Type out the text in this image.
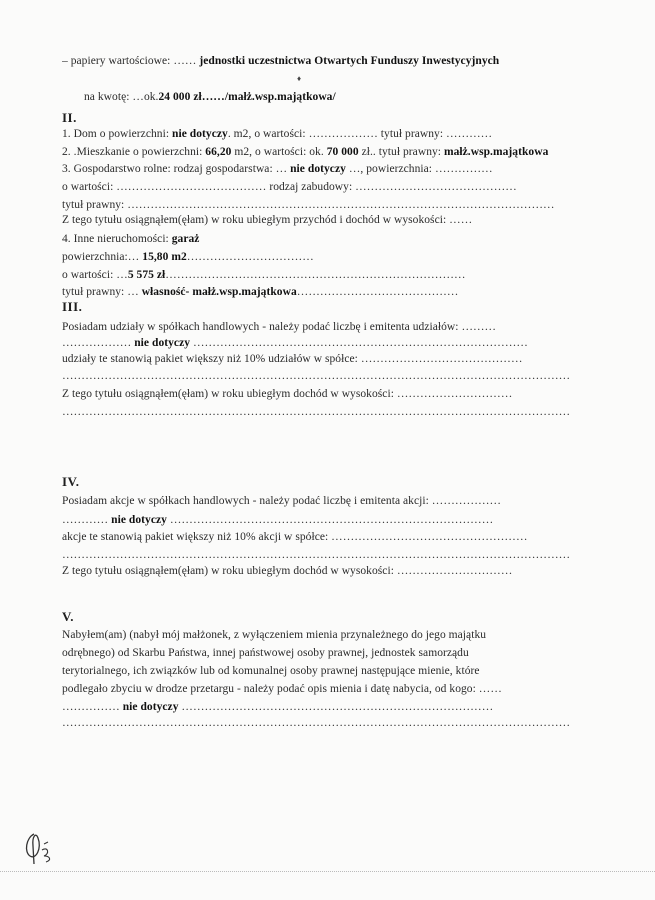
– papiery wartościowe: …… jednostki uczestnictwa Otwartych Funduszy Inwestycyjnych
♦
na kwotę: …ok.24 000 zł……/małż.wsp.majątkowa/
II.
1. Dom o powierzchni: nie dotyczy. m2, o wartości: ……………… tytuł prawny: …………
2. .Mieszkanie o powierzchni: 66,20 m2, o wartości: ok. 70 000 zł.. tytuł prawny: małż.wsp.majątkowa
3. Gospodarstwo rolne: rodzaj gospodarstwa: … nie dotyczy …, powierzchnia: ……………
o wartości: ………………………………… rodzaj zabudowy: ……………………………………
tytuł prawny: …………………………………………………………………………………………………
Z tego tytułu osiągnąłem(ęłam) w roku ubiegłym przychód i dochód w wysokości: ……
4. Inne nieruchomości: garaż
powierzchnia:… 15,80 m2……………………………
o wartości: …5 575 zł……………………………………………………………………
tytuł prawny: … własność- małż.wsp.majątkowa……………………………………
III.
Posiadam udziały w spółkach handlowych - należy podać liczbę i emitenta udziałów: ………
……………… nie dotyczy ……………………………………………………………………………
udziały te stanowią pakiet większy niż 10% udziałów w spółce: ……………………………………
……………………………………………………………………………………………………………………
Z tego tytułu osiągnąłem(ęłam) w roku ubiegłym dochód w wysokości: …………………………
……………………………………………………………………………………………………………………
IV.
Posiadam akcje w spółkach handlowych - należy podać liczbę i emitenta akcji: ………………
………… nie dotyczy …………………………………………………………………………
akcje te stanowią pakiet większy niż 10% akcji w spółce: ……………………………………………
……………………………………………………………………………………………………………………
Z tego tytułu osiągnąłem(ęłam) w roku ubiegłym dochód w wysokości: …………………………
V.
Nabyłem(am) (nabył mój małżonek, z wyłączeniem mienia przynależnego do jego majątku
odrębnego) od Skarbu Państwa, innej państwowej osoby prawnej, jednostek samorządu
terytorialnego, ich związków lub od komunalnej osoby prawnej następujące mienie, które
podlegało zbyciu w drodze przetargu - należy podać opis mienia i datę nabycia, od kogo: ……
…………… nie dotyczy ………………………………………………………………………
……………………………………………………………………………………………………………………
